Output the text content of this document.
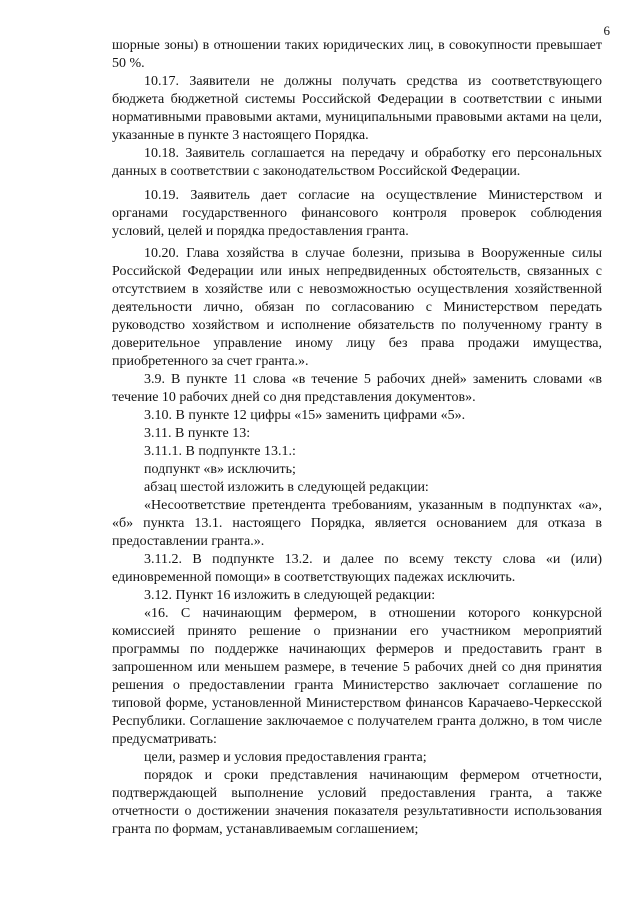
6

шорные зоны) в отношении таких юридических лиц, в совокупности превышает 50 %.

10.17. Заявители не должны получать средства из соответствующего бюджета бюджетной системы Российской Федерации в соответствии с иными нормативными правовыми актами, муниципальными правовыми актами на цели, указанные в пункте 3 настоящего Порядка.

10.18. Заявитель соглашается на передачу и обработку его персональных данных в соответствии с законодательством Российской Федерации.

10.19. Заявитель дает согласие на осуществление Министерством и органами государственного финансового контроля проверок соблюдения условий, целей и порядка предоставления гранта.

10.20. Глава хозяйства в случае болезни, призыва в Вооруженные силы Российской Федерации или иных непредвиденных обстоятельств, связанных с отсутствием в хозяйстве или с невозможностью осуществления хозяйственной деятельности лично, обязан по согласованию с Министерством передать руководство хозяйством и исполнение обязательств по полученному гранту в доверительное управление иному лицу без права продажи имущества, приобретенного за счет гранта.».

3.9. В пункте 11 слова «в течение 5 рабочих дней» заменить словами «в течение 10 рабочих дней со дня представления документов».

3.10. В пункте 12 цифры «15» заменить цифрами «5».

3.11. В пункте 13:

3.11.1. В подпункте 13.1.:

подпункт «в» исключить;

абзац шестой изложить в следующей редакции:

«Несоответствие претендента требованиям, указанным в подпунктах «а», «б» пункта 13.1. настоящего Порядка, является основанием для отказа в предоставлении гранта.».

3.11.2. В подпункте 13.2. и далее по всему тексту слова «и (или) единовременной помощи» в соответствующих падежах исключить.

3.12. Пункт 16 изложить в следующей редакции:

«16. С начинающим фермером, в отношении которого конкурсной комиссией принято решение о признании его участником мероприятий программы по поддержке начинающих фермеров и предоставить грант в запрошенном или меньшем размере, в течение 5 рабочих дней со дня принятия решения о предоставлении гранта Министерство заключает соглашение по типовой форме, установленной Министерством финансов Карачаево-Черкесской Республики. Соглашение заключаемое с получателем гранта должно, в том числе предусматривать:

цели, размер и условия предоставления гранта;

порядок и сроки представления начинающим фермером отчетности, подтверждающей выполнение условий предоставления гранта, а также отчетности о достижении значения показателя результативности использования гранта по формам, устанавливаемым соглашением;
